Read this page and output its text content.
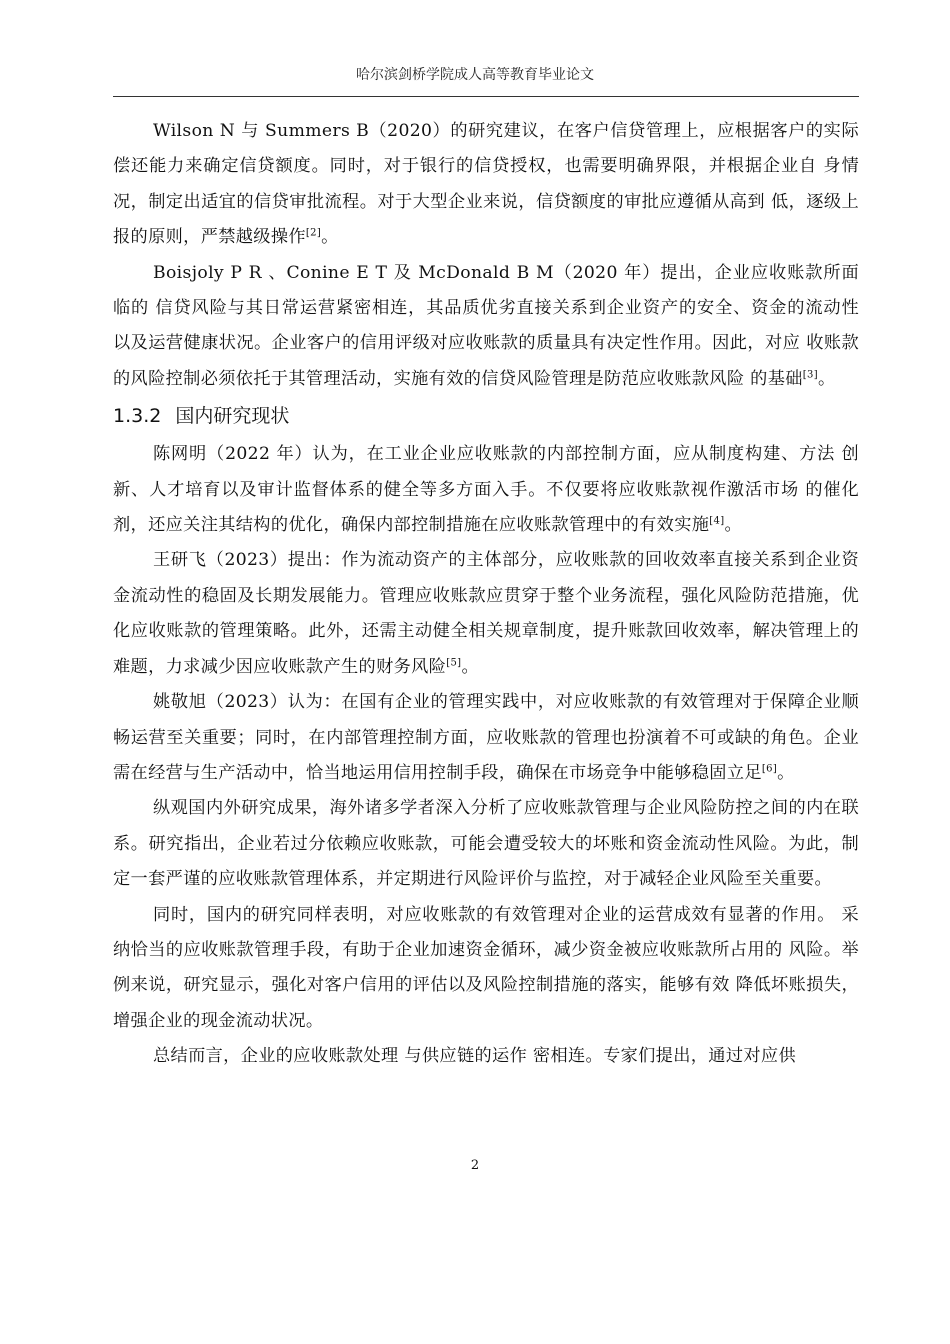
哈尔滨剑桥学院成人高等教育毕业论文

Wilson N 与 Summers B（2020）的研究建议，在客户信贷管理上，应根据客户的实际 偿还能力来确定信贷额度。同时，对于银行的信贷授权，也需要明确界限，并根据企业自 身情况，制定出适宜的信贷审批流程。对于大型企业来说，信贷额度的审批应遵循从高到 低，逐级上报的原则，严禁越级操作[2]。

Boisjoly P R 、Conine E T 及 McDonald B M（2020 年）提出，企业应收账款所面临的 信贷风险与其日常运营紧密相连，其品质优劣直接关系到企业资产的安全、资金的流动性 以及运营健康状况。企业客户的信用评级对应收账款的质量具有决定性作用。因此，对应 收账款的风险控制必须依托于其管理活动，实施有效的信贷风险管理是防范应收账款风险 的基础[3]。

1.3.2 国内研究现状

陈网明（2022 年）认为，在工业企业应收账款的内部控制方面，应从制度构建、方法 创新、人才培育以及审计监督体系的健全等多方面入手。不仅要将应收账款视作激活市场 的催化剂，还应关注其结构的优化，确保内部控制措施在应收账款管理中的有效实施[4]。

王研飞（2023）提出：作为流动资产的主体部分，应收账款的回收效率直接关系到企业资金流动性的稳固及长期发展能力。管理应收账款应贯穿于整个业务流程，强化风险防范措施，优化应收账款的管理策略。此外，还需主动健全相关规章制度，提升账款回收效率，解决管理上的难题，力求减少因应收账款产生的财务风险[5]。

姚敬旭（2023）认为：在国有企业的管理实践中，对应收账款的有效管理对于保障企业顺畅运营至关重要；同时，在内部管理控制方面，应收账款的管理也扮演着不可或缺的角色。企业需在经营与生产活动中，恰当地运用信用控制手段，确保在市场竞争中能够稳固立足[6]。

纵观国内外研究成果，海外诸多学者深入分析了应收账款管理与企业风险防控之间的内在联系。研究指出，企业若过分依赖应收账款，可能会遭受较大的坏账和资金流动性风险。为此，制定一套严谨的应收账款管理体系，并定期进行风险评价与监控，对于减轻企业风险至关重要。

同时，国内的研究同样表明，对应收账款的有效管理对企业的运营成效有显著的作用。 采纳恰当的应收账款管理手段，有助于企业加速资金循环，减少资金被应收账款所占用的 风险。举例来说，研究显示，强化对客户信用的评估以及风险控制措施的落实，能够有效 降低坏账损失，增强企业的现金流动状况。

总结而言，企业的应收账款处理 与供应链的运作 密相连。专家们提出，通过对应供

2
